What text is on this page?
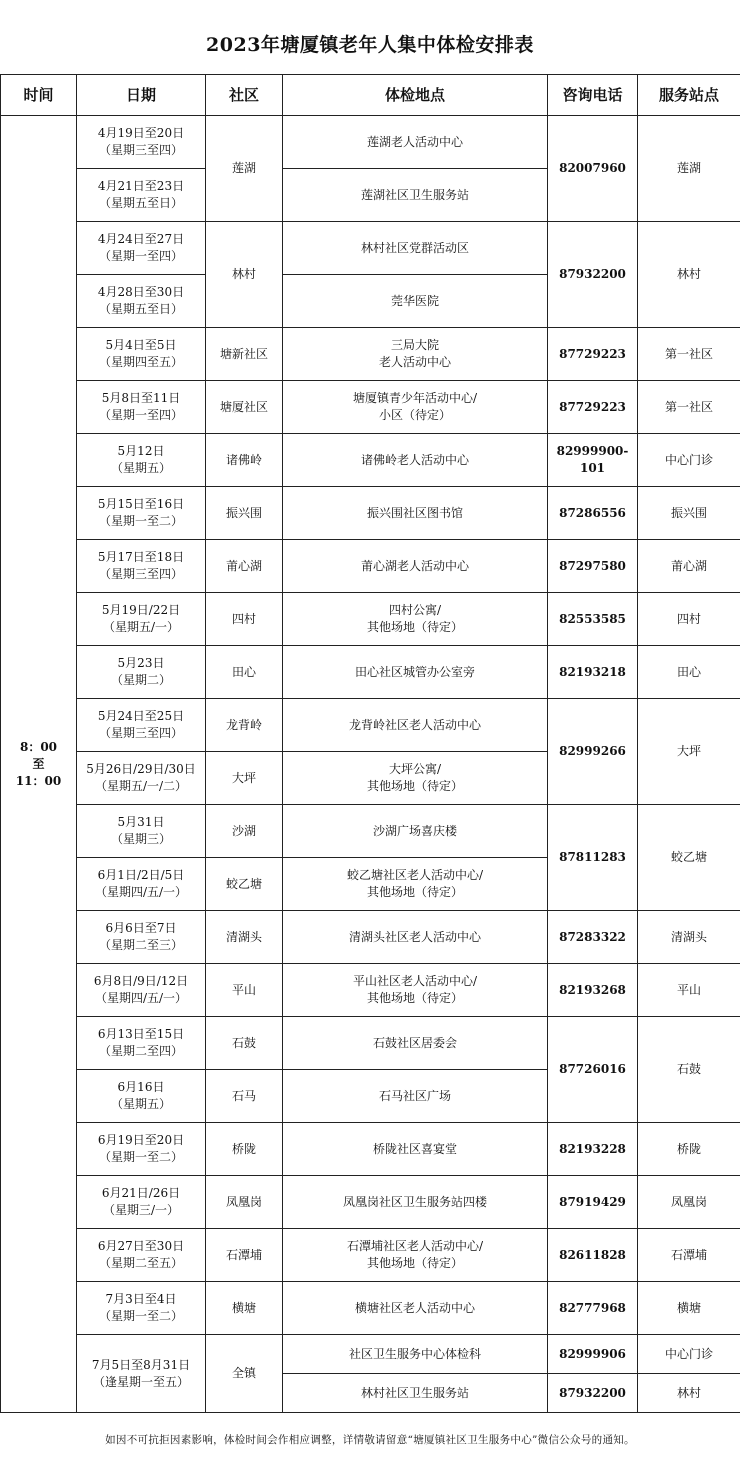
2023年塘厦镇老年人集中体检安排表
时间	日期	社区	体检地点	咨询电话	服务站点

8：00
至
11：00	4月19日至20日
（星期三至四）	莲湖	莲湖老人活动中心	82007960	莲湖

	4月21日至23日
（星期五至日）		莲湖社区卫生服务站		

	4月24日至27日
（星期一至四）	林村	林村社区党群活动区	87932200	林村

	4月28日至30日
（星期五至日）		莞华医院		

	5月4日至5日
（星期四至五）	塘新社区	三局大院
老人活动中心	87729223	第一社区

	5月8日至11日
（星期一至四）	塘厦社区	塘厦镇青少年活动中心/
小区（待定）	87729223	第一社区

	5月12日
（星期五）	诸佛岭	诸佛岭老人活动中心	82999900-101	中心门诊

	5月15日至16日
（星期一至二）	振兴围	振兴围社区图书馆	87286556	振兴围

	5月17日至18日
（星期三至四）	莆心湖	莆心湖老人活动中心	87297580	莆心湖

	5月19日/22日
（星期五/一）	四村	四村公寓/
其他场地（待定）	82553585	四村

	5月23日
（星期二）	田心	田心社区城管办公室旁	82193218	田心

	5月24日至25日
（星期三至四）	龙背岭	龙背岭社区老人活动中心	82999266	大坪

	5月26日/29日/30日
（星期五/一/二）	大坪	大坪公寓/
其他场地（待定）		

	5月31日
（星期三）	沙湖	沙湖广场喜庆楼	87811283	蛟乙塘

	6月1日/2日/5日
（星期四/五/一）	蛟乙塘	蛟乙塘社区老人活动中心/
其他场地（待定）		

	6月6日至7日
（星期二至三）	清湖头	清湖头社区老人活动中心	87283322	清湖头

	6月8日/9日/12日
（星期四/五/一）	平山	平山社区老人活动中心/
其他场地（待定）	82193268	平山

	6月13日至15日
（星期二至四）	石鼓	石鼓社区居委会	87726016	石鼓

	6月16日
（星期五）	石马	石马社区广场		

	6月19日至20日
（星期一至二）	桥陇	桥陇社区喜宴堂	82193228	桥陇

	6月21日/26日
（星期三/一）	凤凰岗	凤凰岗社区卫生服务站四楼	87919429	凤凰岗

	6月27日至30日
（星期二至五）	石潭埔	石潭埔社区老人活动中心/
其他场地（待定）	82611828	石潭埔

	7月3日至4日
（星期一至二）	横塘	横塘社区老人活动中心	82777968	横塘

	7月5日至8月31日
（逢星期一至五）	全镇	社区卫生服务中心体检科	82999906	中心门诊

			林村社区卫生服务站	87932200	林村
如因不可抗拒因素影响，体检时间会作相应调整，详情敬请留意“塘厦镇社区卫生服务中心”微信公众号的通知。
